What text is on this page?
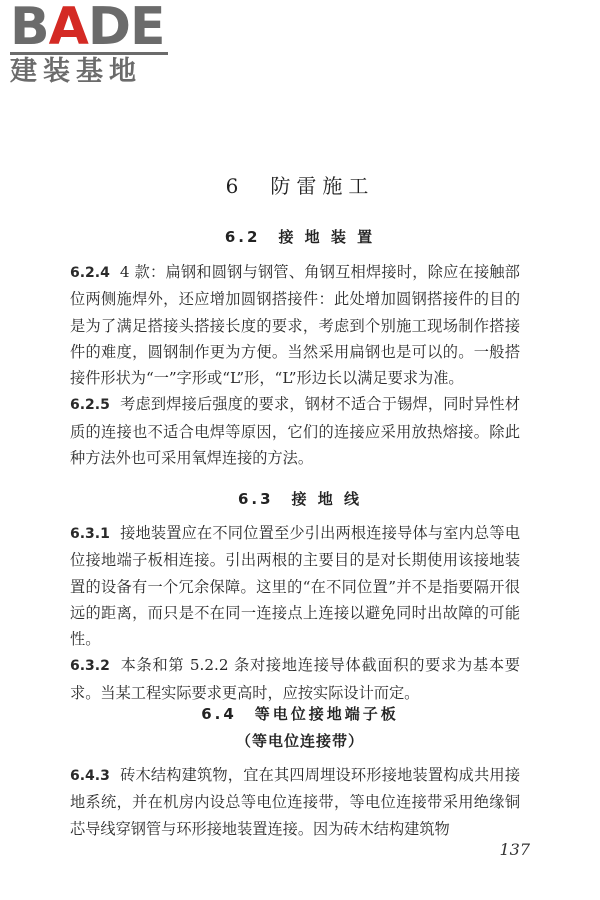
BADE
建装基地
6　防雷施工
6.2　接 地 装 置

6.2.4 4 款：扁钢和圆钢与钢管、角钢互相焊接时，除应在接触部位两侧施焊外，还应增加圆钢搭接件：此处增加圆钢搭接件的目的是为了满足搭接头搭接长度的要求，考虑到个别施工现场制作搭接件的难度，圆钢制作更为方便。当然采用扁钢也是可以的。一般搭接件形状为“一”字形或“L”形，“L”形边长以满足要求为准。

6.2.5 考虑到焊接后强度的要求，钢材不适合于锡焊，同时异性材质的连接也不适合电焊等原因，它们的连接应采用放热熔接。除此种方法外也可采用氧焊连接的方法。

6.3　接 地 线

6.3.1 接地装置应在不同位置至少引出两根连接导体与室内总等电位接地端子板相连接。引出两根的主要目的是对长期使用该接地装置的设备有一个冗余保障。这里的“在不同位置”并不是指要隔开很远的距离，而只是不在同一连接点上连接以避免同时出故障的可能性。

6.3.2 本条和第 5.2.2 条对接地连接导体截面积的要求为基本要求。当某工程实际要求更高时，应按实际设计而定。

6.4　等电位接地端子板
（等电位连接带）

6.4.3 砖木结构建筑物，宜在其四周埋设环形接地装置构成共用接地系统，并在机房内设总等电位连接带，等电位连接带采用绝缘铜芯导线穿钢管与环形接地装置连接。因为砖木结构建筑物

137
